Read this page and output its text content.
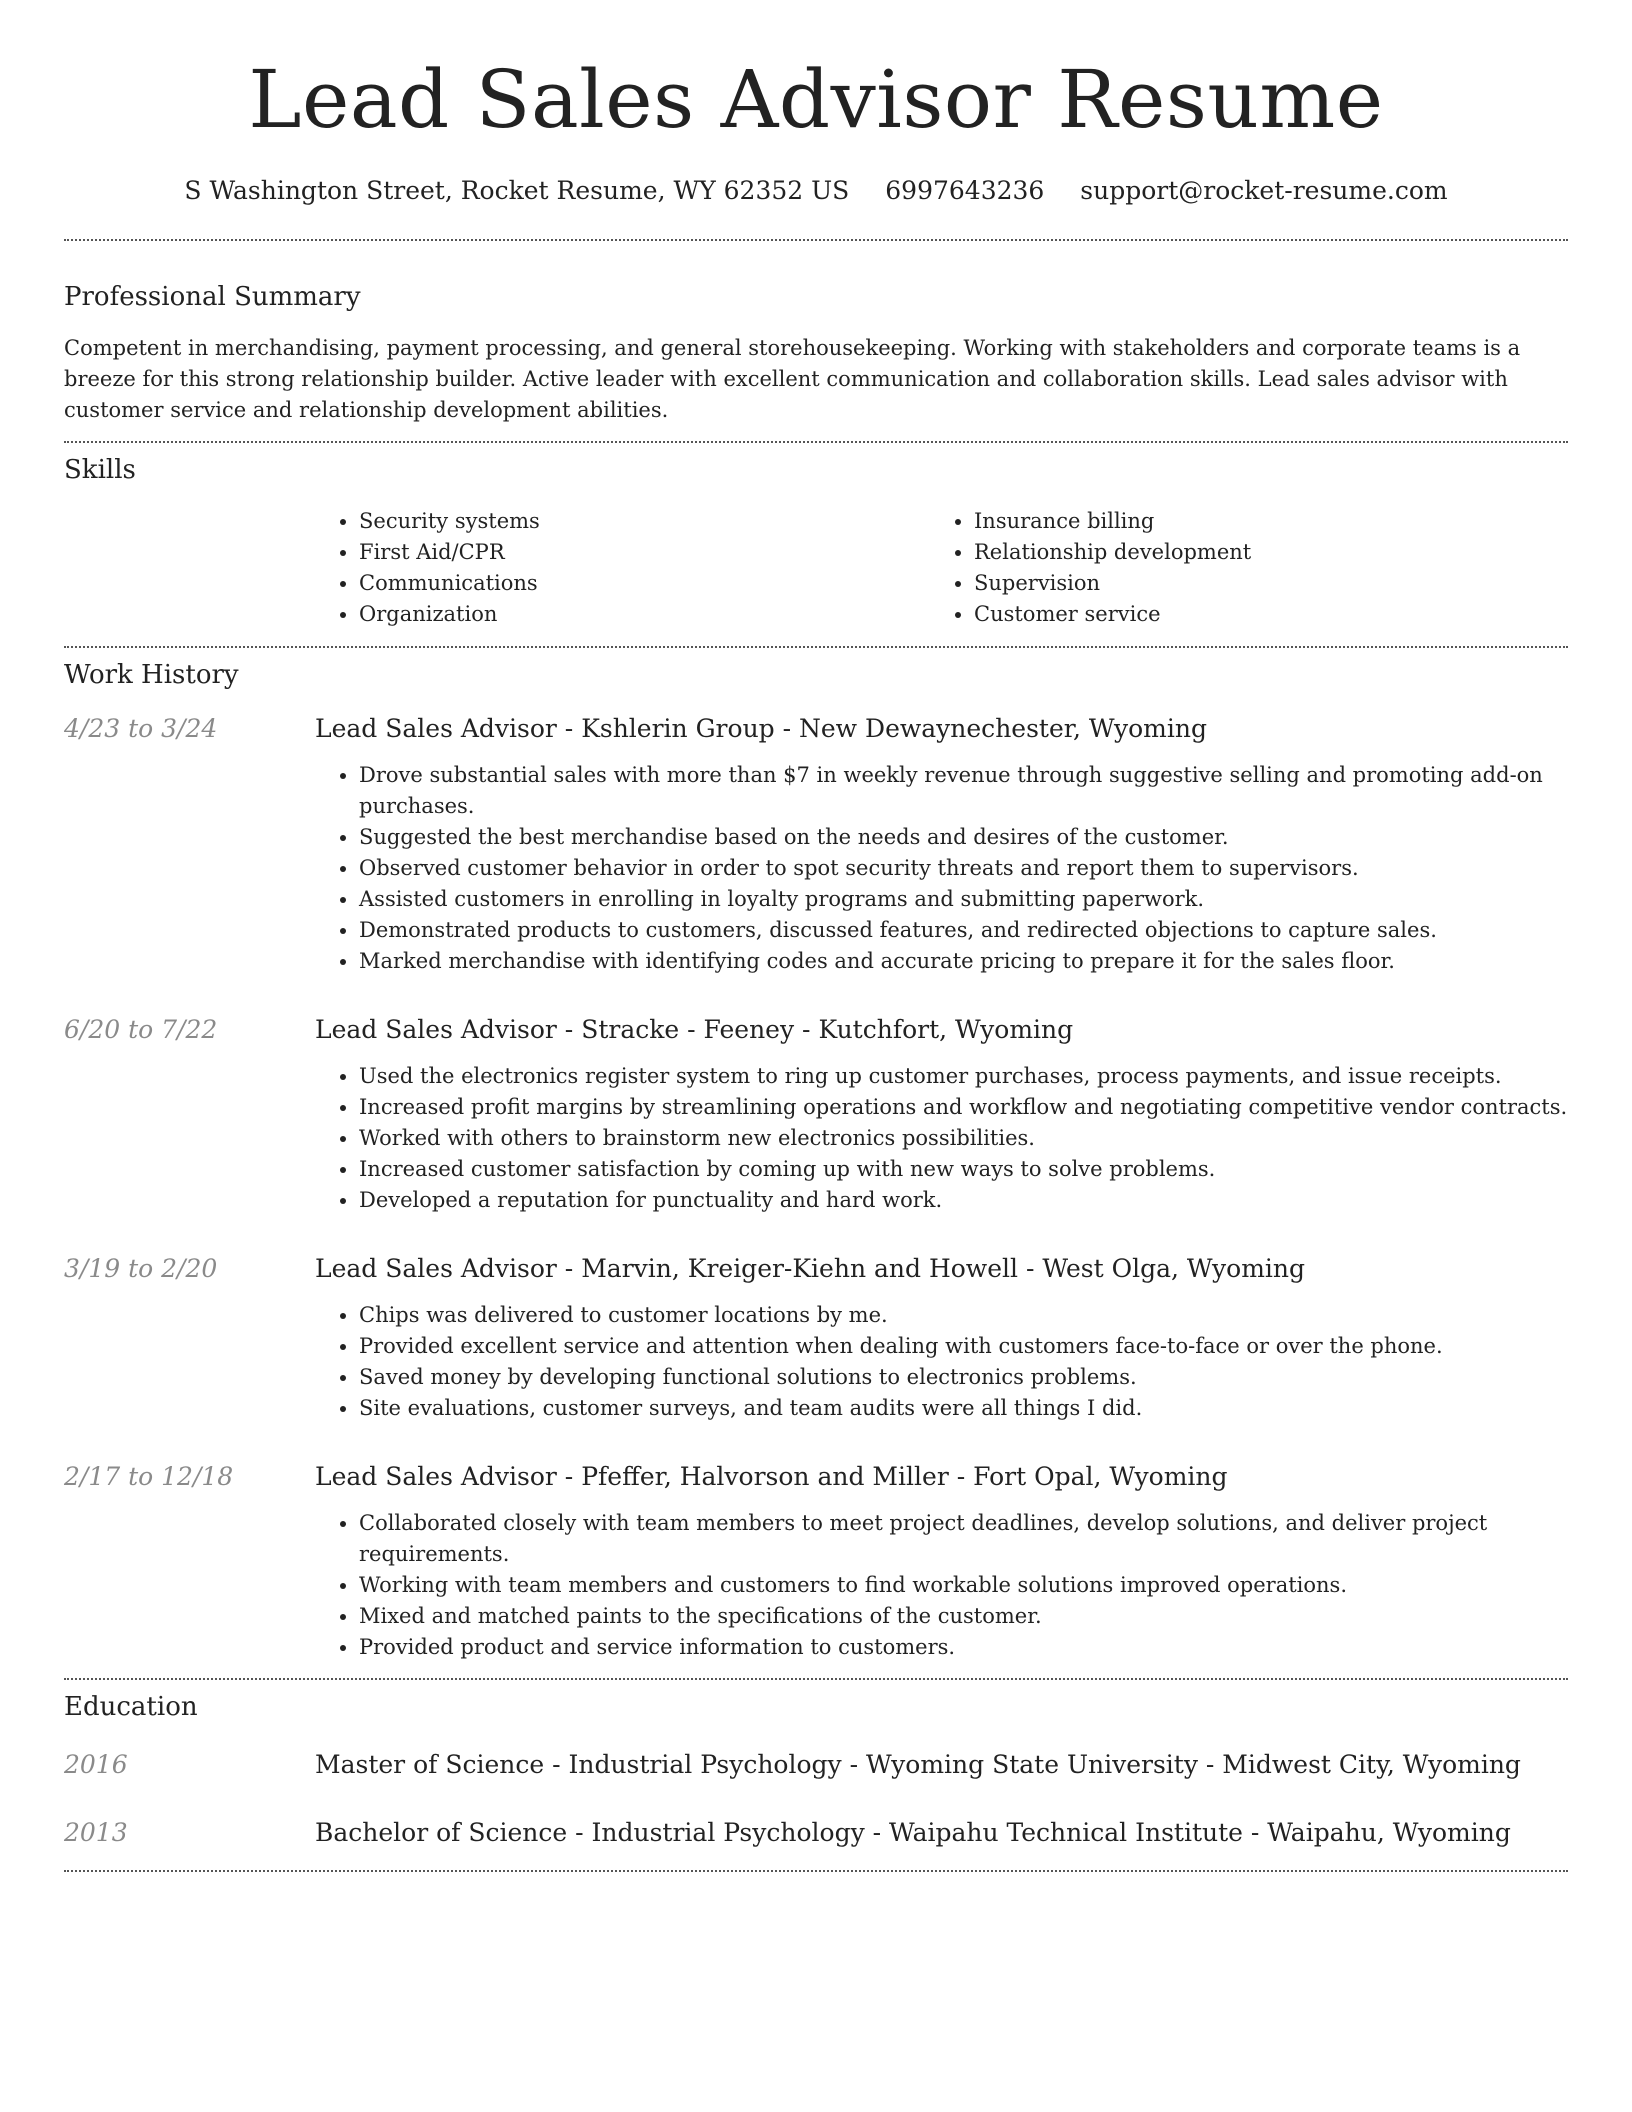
Lead Sales Advisor Resume
S Washington Street, Rocket Resume, WY 62352 US 6997643236 support@rocket-resume.com
Professional Summary

Competent in merchandising, payment processing, and general storehousekeeping. Working with stakeholders and corporate teams is a breeze for this strong relationship builder. Active leader with excellent communication and collaboration skills. Lead sales advisor with customer service and relationship development abilities.

Skills
• Security systems
• First Aid/CPR
• Communications
• Organization
• Insurance billing
• Relationship development
• Supervision
• Customer service
Work History
4/23 to 3/24	Lead Sales Advisor - Kshlerin Group - New Dewaynechester, Wyoming

• Drove substantial sales with more than $7 in weekly revenue through suggestive selling and promoting add-on purchases.
• Suggested the best merchandise based on the needs and desires of the customer.
• Observed customer behavior in order to spot security threats and report them to supervisors.
• Assisted customers in enrolling in loyalty programs and submitting paperwork.
• Demonstrated products to customers, discussed features, and redirected objections to capture sales.
• Marked merchandise with identifying codes and accurate pricing to prepare it for the sales floor.
6/20 to 7/22	Lead Sales Advisor - Stracke - Feeney - Kutchfort, Wyoming

• Used the electronics register system to ring up customer purchases, process payments, and issue receipts.
• Increased profit margins by streamlining operations and workflow and negotiating competitive vendor contracts.
• Worked with others to brainstorm new electronics possibilities.
• Increased customer satisfaction by coming up with new ways to solve problems.
• Developed a reputation for punctuality and hard work.
3/19 to 2/20	Lead Sales Advisor - Marvin, Kreiger-Kiehn and Howell - West Olga, Wyoming

• Chips was delivered to customer locations by me.
• Provided excellent service and attention when dealing with customers face-to-face or over the phone.
• Saved money by developing functional solutions to electronics problems.
• Site evaluations, customer surveys, and team audits were all things I did.
2/17 to 12/18	Lead Sales Advisor - Pfeffer, Halvorson and Miller - Fort Opal, Wyoming

• Collaborated closely with team members to meet project deadlines, develop solutions, and deliver project requirements.
• Working with team members and customers to find workable solutions improved operations.
• Mixed and matched paints to the specifications of the customer.
• Provided product and service information to customers.
Education
2016	Master of Science - Industrial Psychology - Wyoming State University - Midwest City, Wyoming
2013	Bachelor of Science - Industrial Psychology - Waipahu Technical Institute - Waipahu, Wyoming
